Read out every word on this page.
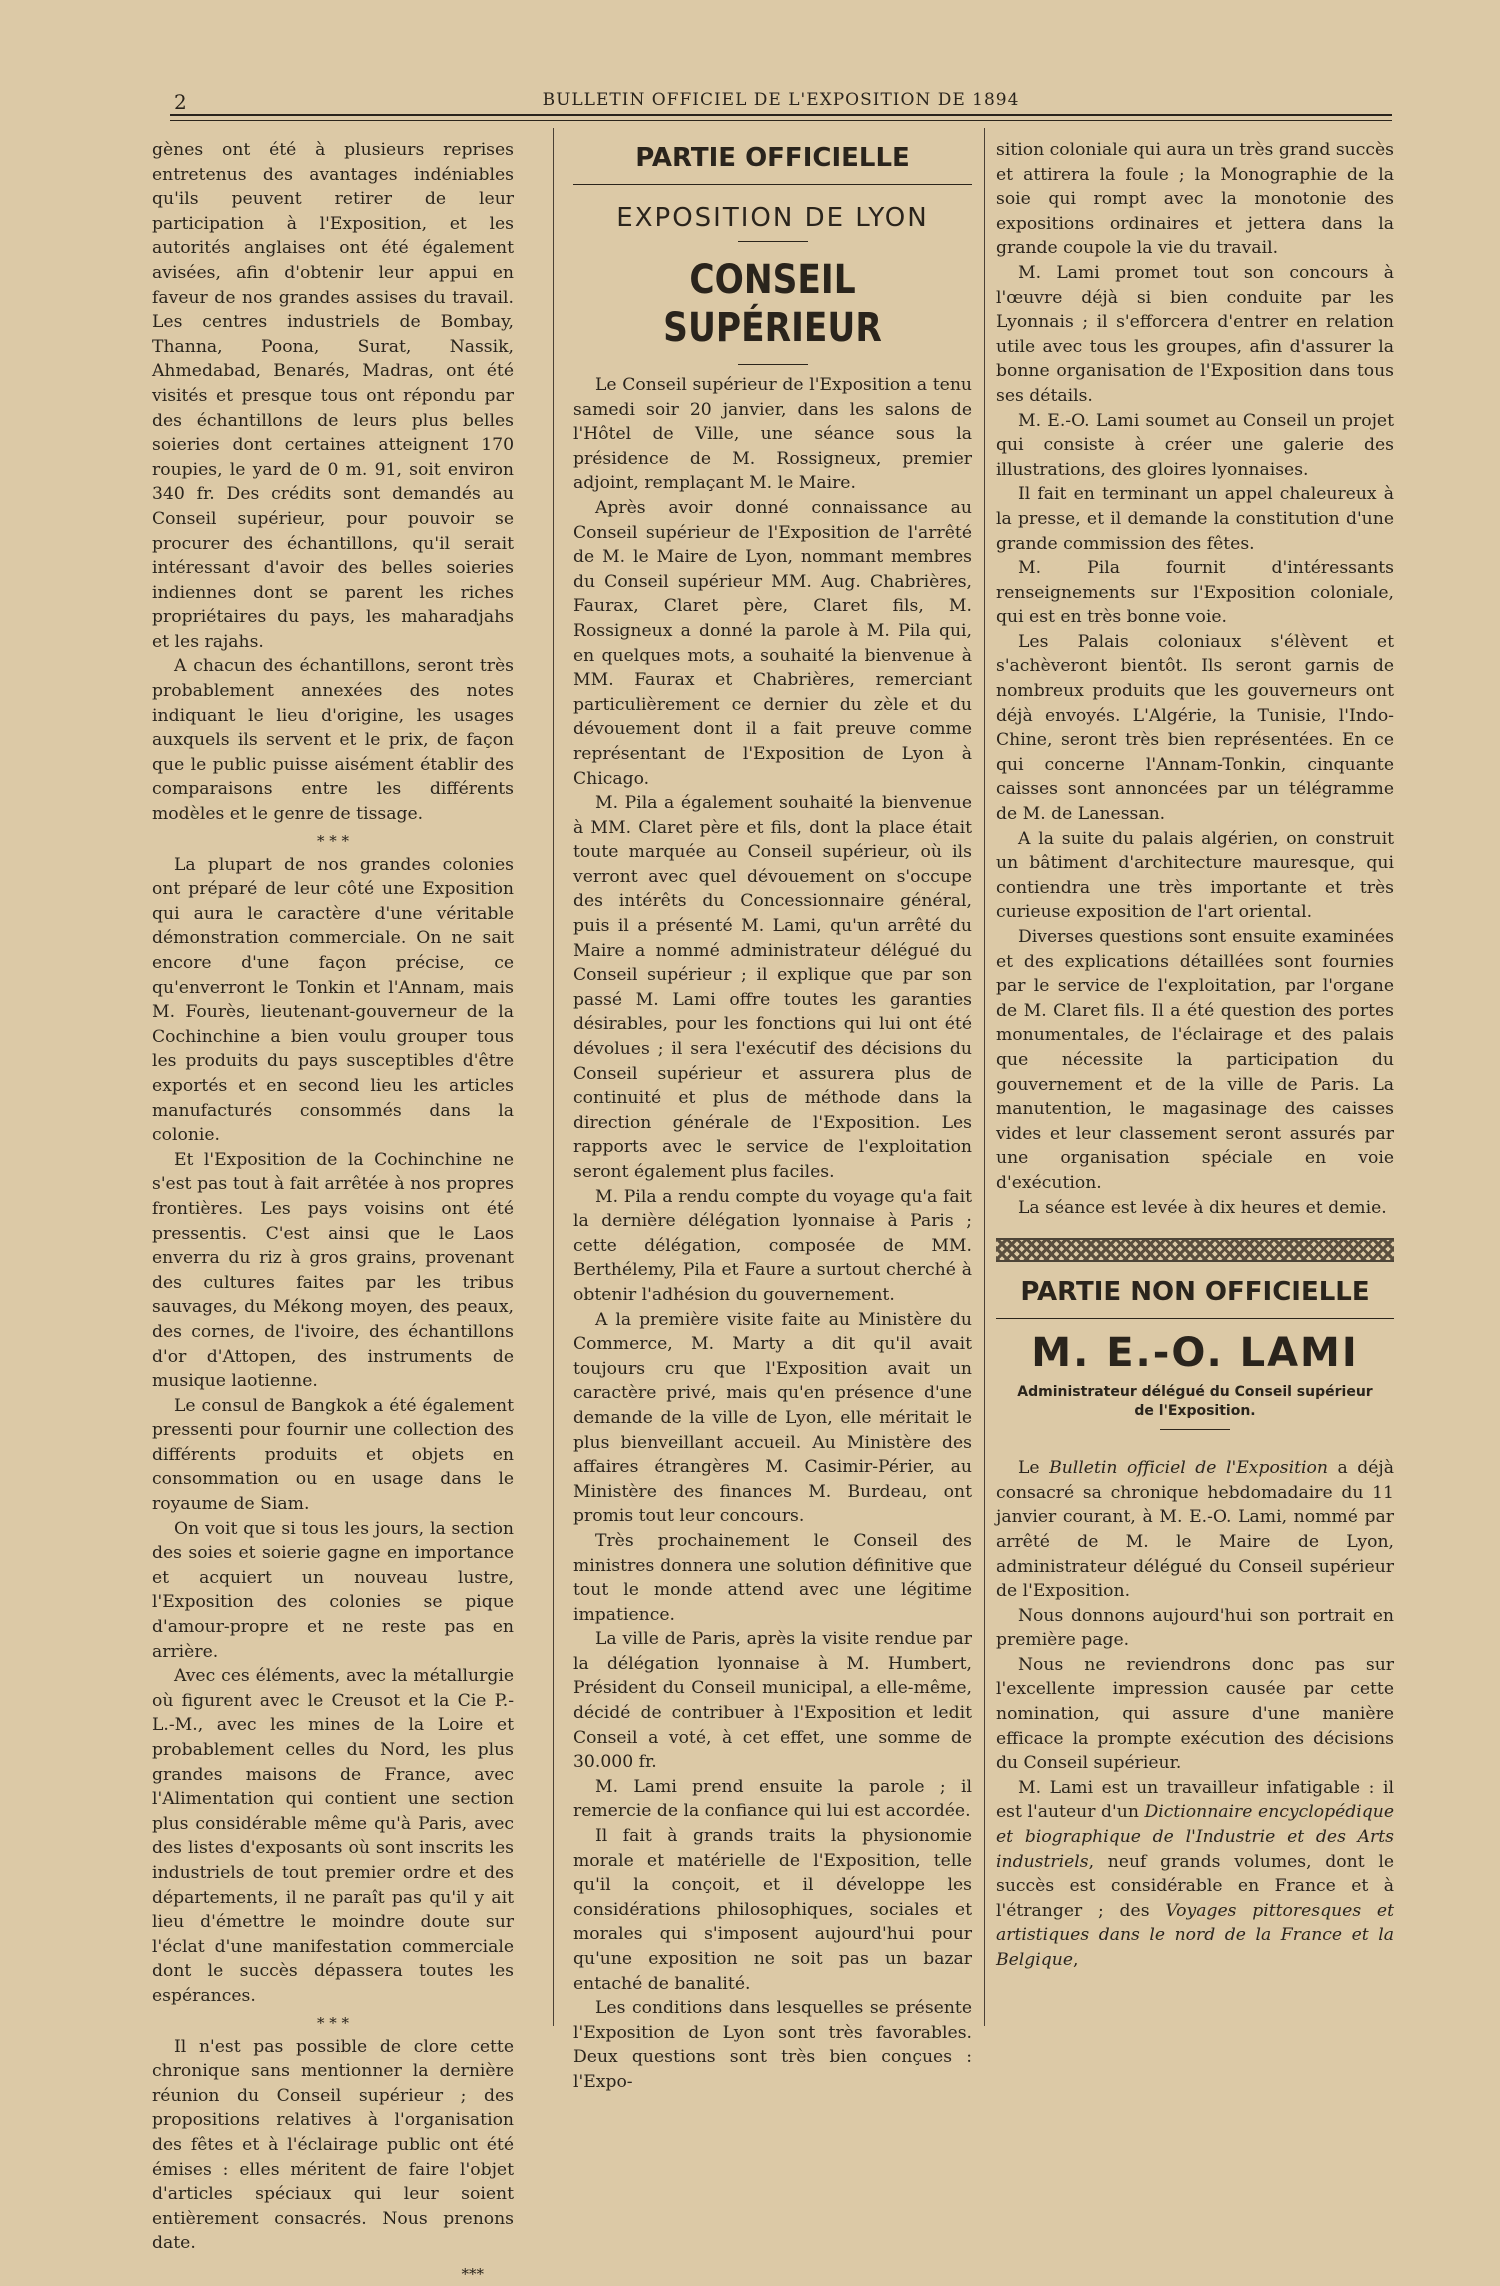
2	BULLETIN OFFICIEL DE L'EXPOSITION DE 1894

gènes ont été à plusieurs reprises entretenus des avantages indéniables qu'ils peuvent retirer de leur participation à l'Exposition, et les autorités anglaises ont été également avisées, afin d'obtenir leur appui en faveur de nos grandes assises du travail. Les centres industriels de Bombay, Thanna, Poona, Surat, Nassik, Ahmedabad, Benarés, Madras, ont été visités et presque tous ont répondu par des échantillons de leurs plus belles soieries dont certaines atteignent 170 roupies, le yard de 0 m. 91, soit environ 340 fr. Des crédits sont demandés au Conseil supérieur, pour pouvoir se procurer des échantillons, qu'il serait intéressant d'avoir des belles soieries indiennes dont se parent les riches propriétaires du pays, les maharadjahs et les rajahs.

A chacun des échantillons, seront très probablement annexées des notes indiquant le lieu d'origine, les usages auxquels ils servent et le prix, de façon que le public puisse aisément établir des comparaisons entre les différents modèles et le genre de tissage.

* * *

La plupart de nos grandes colonies ont préparé de leur côté une Exposition qui aura le caractère d'une véritable démonstration commerciale. On ne sait encore d'une façon précise, ce qu'enverront le Tonkin et l'Annam, mais M. Fourès, lieutenant-gouverneur de la Cochinchine a bien voulu grouper tous les produits du pays susceptibles d'être exportés et en second lieu les articles manufacturés consommés dans la colonie.

Et l'Exposition de la Cochinchine ne s'est pas tout à fait arrêtée à nos propres frontières. Les pays voisins ont été pressentis. C'est ainsi que le Laos enverra du riz à gros grains, provenant des cultures faites par les tribus sauvages, du Mékong moyen, des peaux, des cornes, de l'ivoire, des échantillons d'or d'Attopen, des instruments de musique laotienne.

Le consul de Bangkok a été également pressenti pour fournir une collection des différents produits et objets en consommation ou en usage dans le royaume de Siam.

On voit que si tous les jours, la section des soies et soierie gagne en importance et acquiert un nouveau lustre, l'Exposition des colonies se pique d'amour-propre et ne reste pas en arrière.

Avec ces éléments, avec la métallurgie où figurent avec le Creusot et la Cie P.-L.-M., avec les mines de la Loire et probablement celles du Nord, les plus grandes maisons de France, avec l'Alimentation qui contient une section plus considérable même qu'à Paris, avec des listes d'exposants où sont inscrits les industriels de tout premier ordre et des départements, il ne paraît pas qu'il y ait lieu d'émettre le moindre doute sur l'éclat d'une manifestation commerciale dont le succès dépassera toutes les espérances.

* * *

Il n'est pas possible de clore cette chronique sans mentionner la dernière réunion du Conseil supérieur ; des propositions relatives à l'organisation des fêtes et à l'éclairage public ont été émises : elles méritent de faire l'objet d'articles spéciaux qui leur soient entièrement consacrés. Nous prenons date.

***
PARTIE OFFICIELLE
EXPOSITION DE LYON
CONSEIL SUPÉRIEUR

Le Conseil supérieur de l'Exposition a tenu samedi soir 20 janvier, dans les salons de l'Hôtel de Ville, une séance sous la présidence de M. Rossigneux, premier adjoint, remplaçant M. le Maire.

Après avoir donné connaissance au Conseil supérieur de l'Exposition de l'arrêté de M. le Maire de Lyon, nommant membres du Conseil supérieur MM. Aug. Chabrières, Faurax, Claret père, Claret fils, M. Rossigneux a donné la parole à M. Pila qui, en quelques mots, a souhaité la bienvenue à MM. Faurax et Chabrières, remerciant particulièrement ce dernier du zèle et du dévouement dont il a fait preuve comme représentant de l'Exposition de Lyon à Chicago.

M. Pila a également souhaité la bienvenue à MM. Claret père et fils, dont la place était toute marquée au Conseil supérieur, où ils verront avec quel dévouement on s'occupe des intérêts du Concessionnaire général, puis il a présenté M. Lami, qu'un arrêté du Maire a nommé administrateur délégué du Conseil supérieur ; il explique que par son passé M. Lami offre toutes les garanties désirables, pour les fonctions qui lui ont été dévolues ; il sera l'exécutif des décisions du Conseil supérieur et assurera plus de continuité et plus de méthode dans la direction générale de l'Exposition. Les rapports avec le service de l'exploitation seront également plus faciles.

M. Pila a rendu compte du voyage qu'a fait la dernière délégation lyonnaise à Paris ; cette délégation, composée de MM. Berthélemy, Pila et Faure a surtout cherché à obtenir l'adhésion du gouvernement.

A la première visite faite au Ministère du Commerce, M. Marty a dit qu'il avait toujours cru que l'Exposition avait un caractère privé, mais qu'en présence d'une demande de la ville de Lyon, elle méritait le plus bienveillant accueil. Au Ministère des affaires étrangères M. Casimir-Périer, au Ministère des finances M. Burdeau, ont promis tout leur concours.

Très prochainement le Conseil des ministres donnera une solution définitive que tout le monde attend avec une légitime impatience.

La ville de Paris, après la visite rendue par la délégation lyonnaise à M. Humbert, Président du Conseil municipal, a elle-même, décidé de contribuer à l'Exposition et ledit Conseil a voté, à cet effet, une somme de 30.000 fr.

M. Lami prend ensuite la parole ; il remercie de la confiance qui lui est accordée.

Il fait à grands traits la physionomie morale et matérielle de l'Exposition, telle qu'il la conçoit, et il développe les considérations philosophiques, sociales et morales qui s'imposent aujourd'hui pour qu'une exposition ne soit pas un bazar entaché de banalité.

Les conditions dans lesquelles se présente l'Exposition de Lyon sont très favorables. Deux questions sont très bien conçues : l'Expo-

sition coloniale qui aura un très grand succès et attirera la foule ; la Monographie de la soie qui rompt avec la monotonie des expositions ordinaires et jettera dans la grande coupole la vie du travail.

M. Lami promet tout son concours à l'œuvre déjà si bien conduite par les Lyonnais ; il s'efforcera d'entrer en relation utile avec tous les groupes, afin d'assurer la bonne organisation de l'Exposition dans tous ses détails.

M. E.-O. Lami soumet au Conseil un projet qui consiste à créer une galerie des illustrations, des gloires lyonnaises.

Il fait en terminant un appel chaleureux à la presse, et il demande la constitution d'une grande commission des fêtes.

M. Pila fournit d'intéressants renseignements sur l'Exposition coloniale, qui est en très bonne voie.

Les Palais coloniaux s'élèvent et s'achèveront bientôt. Ils seront garnis de nombreux produits que les gouverneurs ont déjà envoyés. L'Algérie, la Tunisie, l'Indo-Chine, seront très bien représentées. En ce qui concerne l'Annam-Tonkin, cinquante caisses sont annoncées par un télégramme de M. de Lanessan.

A la suite du palais algérien, on construit un bâtiment d'architecture mauresque, qui contiendra une très importante et très curieuse exposition de l'art oriental.

Diverses questions sont ensuite examinées et des explications détaillées sont fournies par le service de l'exploitation, par l'organe de M. Claret fils. Il a été question des portes monumentales, de l'éclairage et des palais que nécessite la participation du gouvernement et de la ville de Paris. La manutention, le magasinage des caisses vides et leur classement seront assurés par une organisation spéciale en voie d'exécution.

La séance est levée à dix heures et demie.

PARTIE NON OFFICIELLE
M. E.-O. LAMI
Administrateur délégué du Conseil supérieur de l'Exposition.

Le Bulletin officiel de l'Exposition a déjà consacré sa chronique hebdomadaire du 11 janvier courant, à M. E.-O. Lami, nommé par arrêté de M. le Maire de Lyon, administrateur délégué du Conseil supérieur de l'Exposition.

Nous donnons aujourd'hui son portrait en première page.

Nous ne reviendrons donc pas sur l'excellente impression causée par cette nomination, qui assure d'une manière efficace la prompte exécution des décisions du Conseil supérieur.

M. Lami est un travailleur infatigable : il est l'auteur d'un Dictionnaire encyclopédique et biographique de l'Industrie et des Arts industriels, neuf grands volumes, dont le succès est considérable en France et à l'étranger ; des Voyages pittoresques et artistiques dans le nord de la France et la Belgique,
